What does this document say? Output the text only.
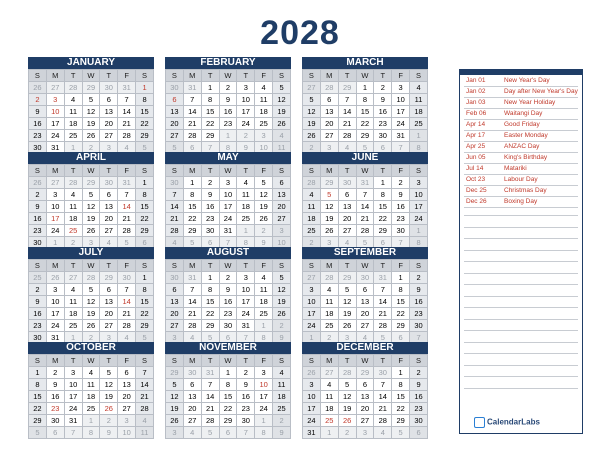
2028
JANUARY
S	M	T	W	T	F	S
26	27	28	29	30	31	1
2	3	4	5	6	7	8
9	10	11	12	13	14	15
16	17	18	19	20	21	22
23	24	25	26	27	28	29
30	31	1	2	3	4	5
FEBRUARY
S	M	T	W	T	F	S
30	31	1	2	3	4	5
6	7	8	9	10	11	12
13	14	15	16	17	18	19
20	21	22	23	24	25	26
27	28	29	1	2	3	4
5	6	7	8	9	10	11
MARCH
S	M	T	W	T	F	S
27	28	29	1	2	3	4
5	6	7	8	9	10	11
12	13	14	15	16	17	18
19	20	21	22	23	24	25
26	27	28	29	30	31	1
2	3	4	5	6	7	8
APRIL
S	M	T	W	T	F	S
26	27	28	29	30	31	1
2	3	4	5	6	7	8
9	10	11	12	13	14	15
16	17	18	19	20	21	22
23	24	25	26	27	28	29
30	1	2	3	4	5	6
MAY
S	M	T	W	T	F	S
30	1	2	3	4	5	6
7	8	9	10	11	12	13
14	15	16	17	18	19	20
21	22	23	24	25	26	27
28	29	30	31	1	2	3
4	5	6	7	8	9	10
JUNE
S	M	T	W	T	F	S
28	29	30	31	1	2	3
4	5	6	7	8	9	10
11	12	13	14	15	16	17
18	19	20	21	22	23	24
25	26	27	28	29	30	1
2	3	4	5	6	7	8
JULY
S	M	T	W	T	F	S
25	26	27	28	29	30	1
2	3	4	5	6	7	8
9	10	11	12	13	14	15
16	17	18	19	20	21	22
23	24	25	26	27	28	29
30	31	1	2	3	4	5
AUGUST
S	M	T	W	T	F	S
30	31	1	2	3	4	5
6	7	8	9	10	11	12
13	14	15	16	17	18	19
20	21	22	23	24	25	26
27	28	29	30	31	1	2
3	4	5	6	7	8	9
SEPTEMBER
S	M	T	W	T	F	S
27	28	29	30	31	1	2
3	4	5	6	7	8	9
10	11	12	13	14	15	16
17	18	19	20	21	22	23
24	25	26	27	28	29	30
1	2	3	4	5	6	7
OCTOBER
S	M	T	W	T	F	S
1	2	3	4	5	6	7
8	9	10	11	12	13	14
15	16	17	18	19	20	21
22	23	24	25	26	27	28
29	30	31	1	2	3	4
5	6	7	8	9	10	11
NOVEMBER
S	M	T	W	T	F	S
29	30	31	1	2	3	4
5	6	7	8	9	10	11
12	13	14	15	16	17	18
19	20	21	22	23	24	25
26	27	28	29	30	1	2
3	4	5	6	7	8	9
DECEMBER
S	M	T	W	T	F	S
26	27	28	29	30	1	2
3	4	5	6	7	8	9
10	11	12	13	14	15	16
17	18	19	20	21	22	23
24	25	26	27	28	29	30
31	1	2	3	4	5	6
CalendarLabs
Jan 01	New Year's Day
Jan 02	Day after New Year's Day
Jan 03	New Year Holiday
Feb 06	Waitangi Day
Apr 14	Good Friday
Apr 17	Easter Monday
Apr 25	ANZAC Day
Jun 05	King's Birthday
Jul 14	Matariki
Oct 23	Labour Day
Dec 25	Christmas Day
Dec 26	Boxing Day
